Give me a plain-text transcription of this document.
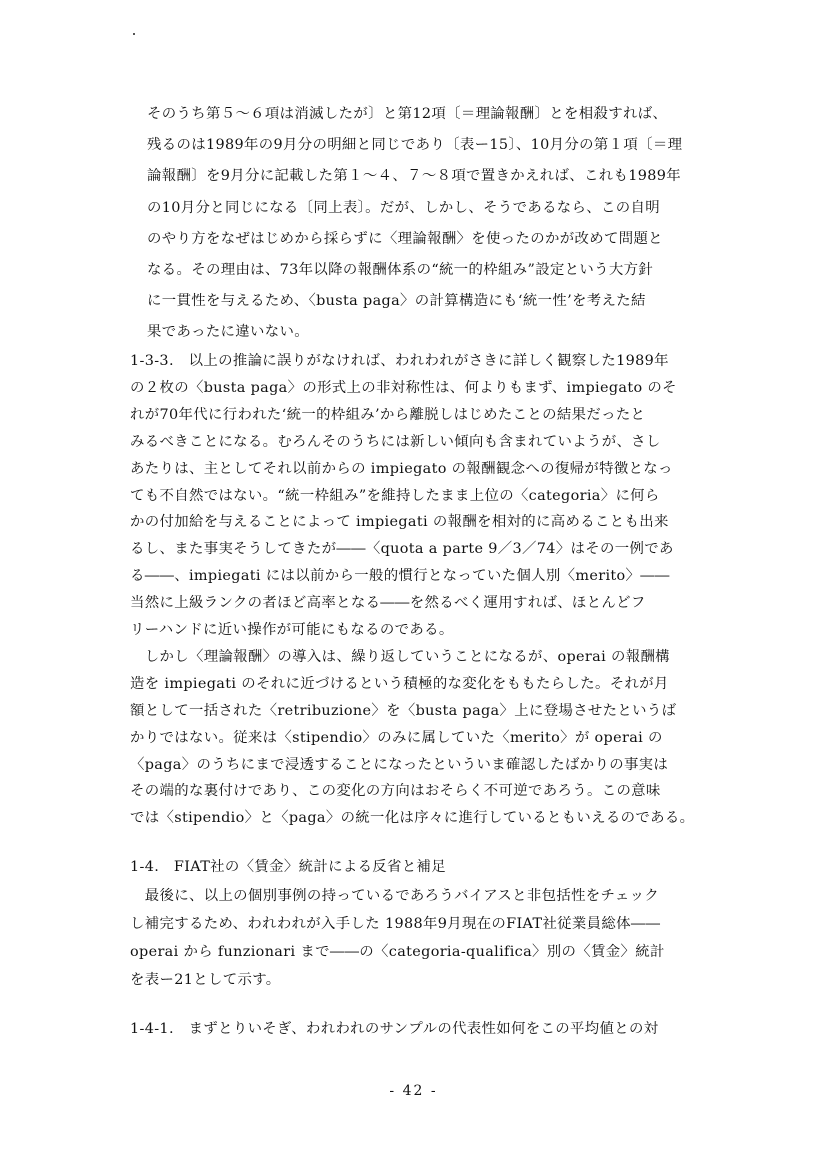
そのうち第５〜６項は消滅したが〕と第12項〔＝理論報酬〕とを相殺すれば、
残るのは1989年の9月分の明細と同じであり〔表ー15〕、10月分の第１項〔＝理
論報酬〕を9月分に記載した第１〜４、７〜８項で置きかえれば、これも1989年
の10月分と同じになる〔同上表〕。だが、しかし、そうであるなら、この自明
のやり方をなぜはじめから採らずに〈理論報酬〉を使ったのかが改めて問題と
なる。その理由は、73年以降の報酬体系の“統一的枠組み”設定という大方針
に一貫性を与えるため、〈busta paga〉の計算構造にも‘統一性’を考えた結
果であったに違いない。
1-3-3.　以上の推論に誤りがなければ、われわれがさきに詳しく観察した1989年
の２枚の〈busta paga〉の形式上の非対称性は、何よりもまず、impiegato のそ
れが70年代に行われた‘統一的枠組み’から離脱しはじめたことの結果だったと
みるべきことになる。むろんそのうちには新しい傾向も含まれていようが、さし
あたりは、主としてそれ以前からの impiegato の報酬観念への復帰が特徴となっ
ても不自然ではない。“統一枠組み”を維持したまま上位の〈categoria〉に何ら
かの付加給を与えることによって impiegati の報酬を相対的に高めることも出来
るし、また事実そうしてきたが――〈quota a parte 9／3／74〉はその一例であ
る――、impiegati には以前から一般的慣行となっていた個人別〈merito〉――
当然に上級ランクの者ほど高率となる――を然るべく運用すれば、ほとんどフ
リーハンドに近い操作が可能にもなるのである。
　しかし〈理論報酬〉の導入は、繰り返していうことになるが、operai の報酬構
造を impiegati のそれに近づけるという積極的な変化をももたらした。それが月
額として一括された〈retribuzione〉を〈busta paga〉上に登場させたというば
かりではない。従来は〈stipendio〉のみに属していた〈merito〉が operai の
〈paga〉のうちにまで浸透することになったといういま確認したばかりの事実は
その端的な裏付けであり、この変化の方向はおそらく不可逆であろう。この意味
では〈stipendio〉と〈paga〉の統一化は序々に進行しているともいえるのである。
1-4.　FIAT社の〈賃金〉統計による反省と補足
　最後に、以上の個別事例の持っているであろうバイアスと非包括性をチェック
し補完するため、われわれが入手した 1988年9月現在のFIAT社従業員総体――
operai から funzionari まで――の〈categoria-qualifica〉別の〈賃金〉統計
を表ー21として示す。
1-4-1.　まずとりいそぎ、われわれのサンプルの代表性如何をこの平均値との対
- 42 -
